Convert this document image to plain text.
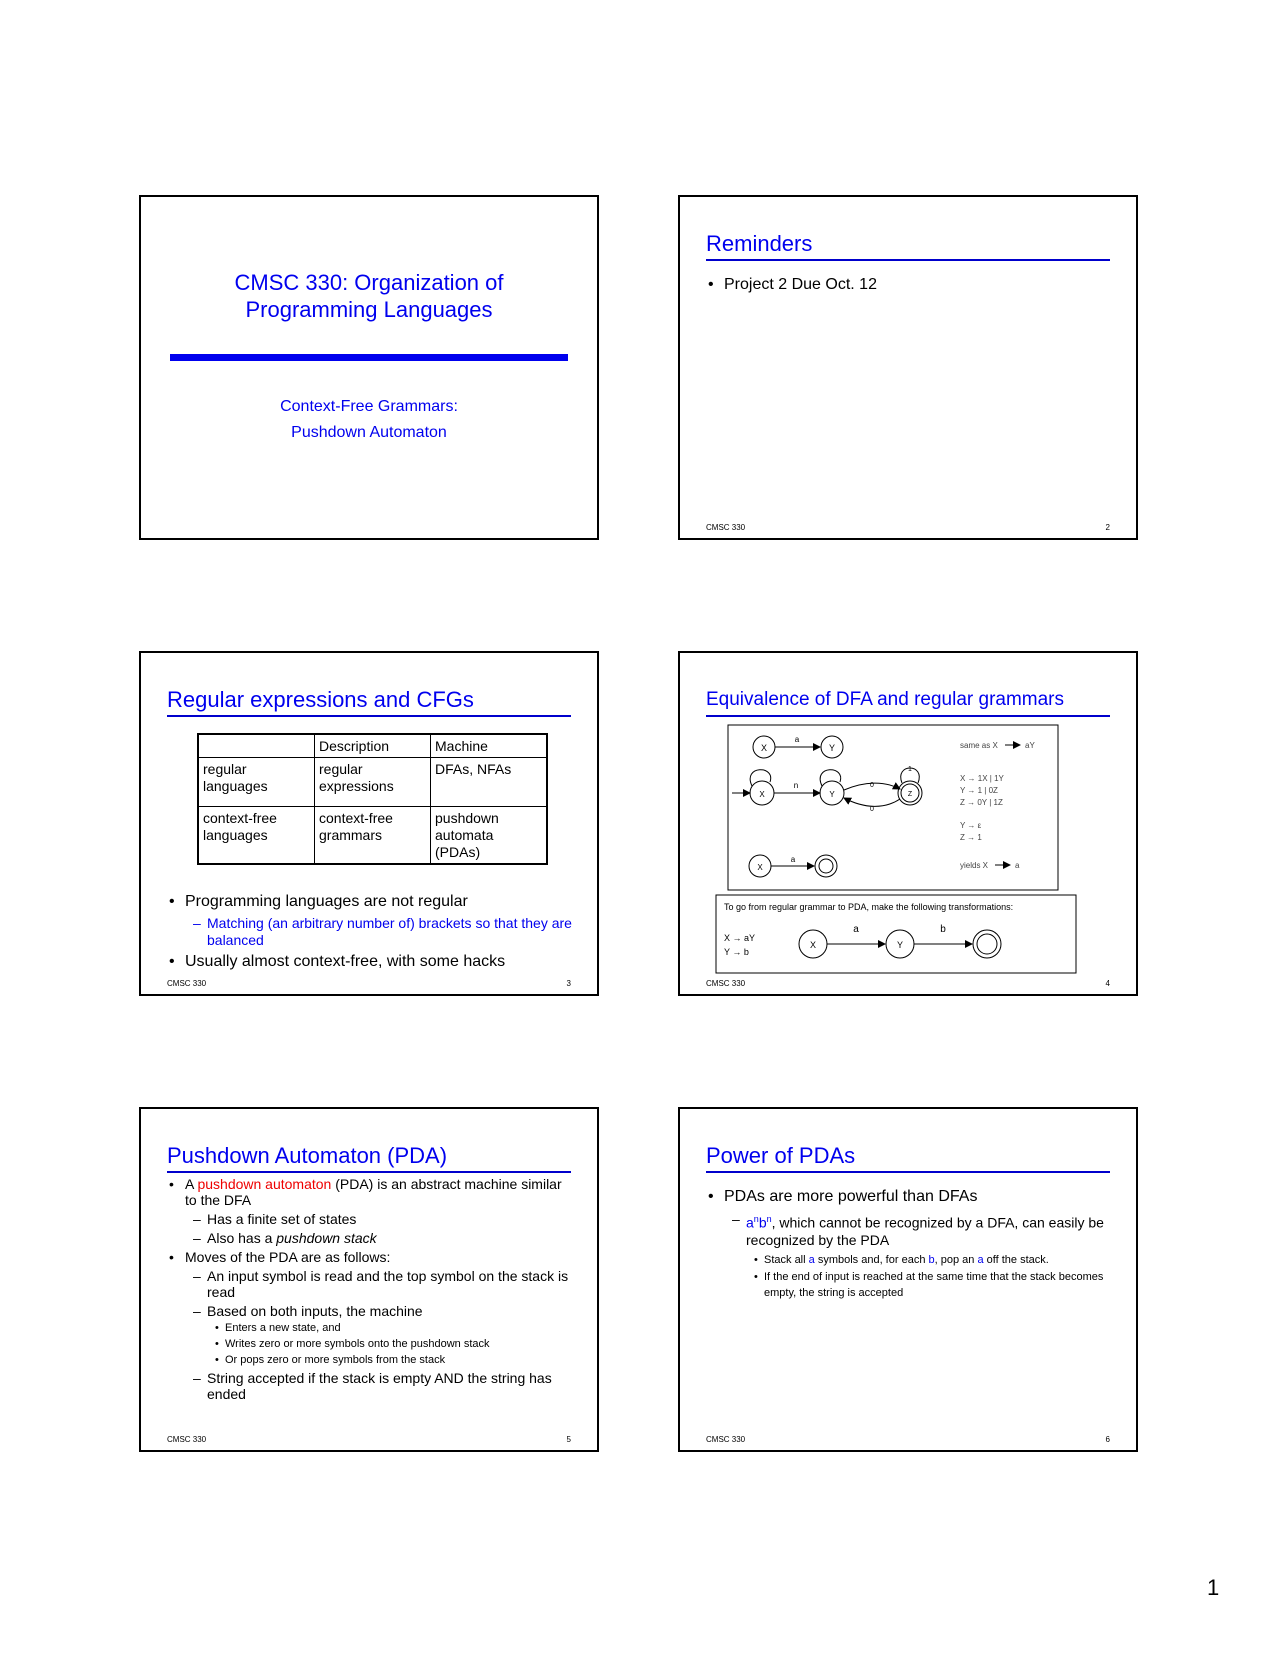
CMSC 330: Organization of
Programming Languages
Context-Free Grammars:
Pushdown Automaton
Reminders
• Project 2 Due Oct. 12
CMSC 330	2
Regular expressions and CFGs
	Description	Machine
regular languages	regular expressions	DFAs, NFAs
context-free languages	context-free grammars	pushdown automata (PDAs)
• Programming languages are not regular
– Matching (an arbitrary number of) brackets so that they are balanced
• Usually almost context-free, with some hacks
CMSC 330	3
Equivalence of DFA and regular grammars
X
a
Y	same as X	aY
X
n
Y
0
0
Z
1
X → 1X | 1Y
Y → 1 | 0Z
Z → 0Y | 1Z
Y → ε
Z → 1
X
a
yields X	a
To go from regular grammar to PDA, make the following transformations:
X → aY
Y → b
X
a
Y
b
CMSC 330	4
Pushdown Automaton (PDA)
• A pushdown automaton (PDA) is an abstract machine similar to the DFA
– Has a finite set of states
– Also has a pushdown stack
• Moves of the PDA are as follows:
– An input symbol is read and the top symbol on the stack is read
– Based on both inputs, the machine
• Enters a new state, and
• Writes zero or more symbols onto the pushdown stack
• Or pops zero or more symbols from the stack
– String accepted if the stack is empty AND the string has ended
CMSC 330	5
Power of PDAs
• PDAs are more powerful than DFAs
– $a^nb^n$, which cannot be recognized by a DFA, can easily be recognized by the PDA
• Stack all a symbols and, for each b, pop an a off the stack.
• If the end of input is reached at the same time that the stack becomes empty, the string is accepted
CMSC 330	6
1
